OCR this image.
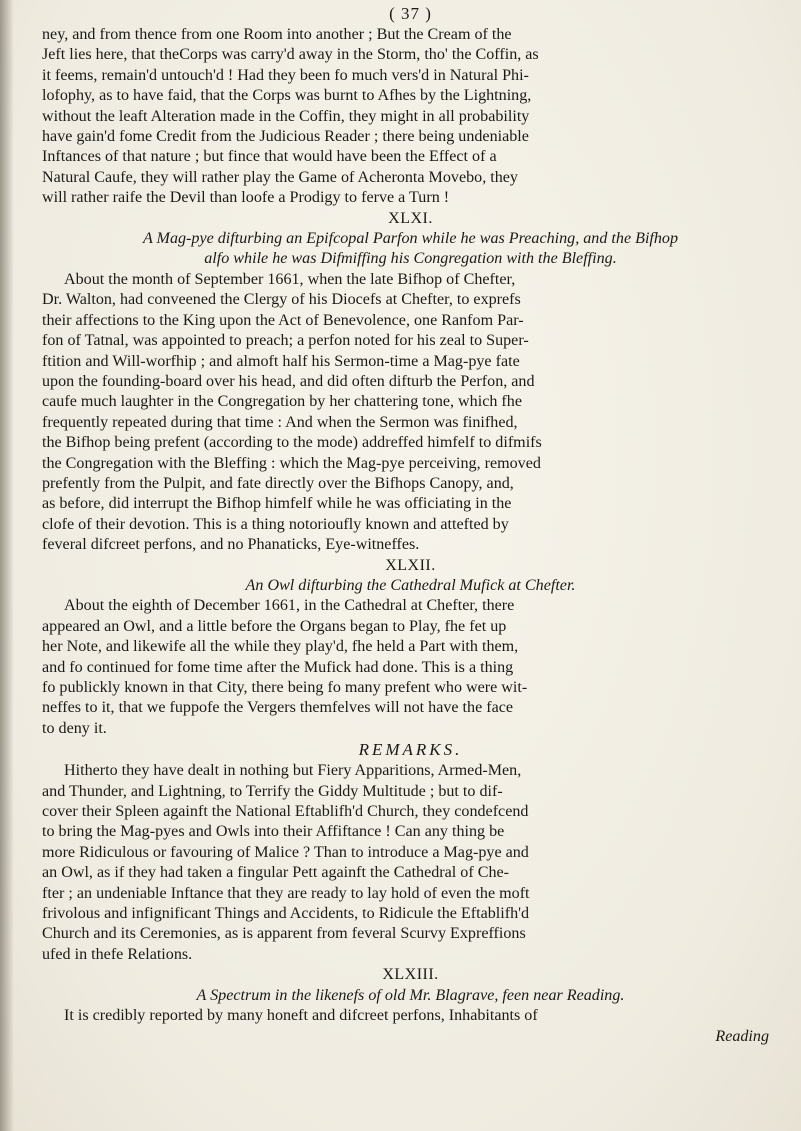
( 37 )
ney, and from thence from one Room into another ; But the Cream of the
Jeft lies here, that theCorps was carry'd away in the Storm, tho' the Coffin, as
it feems, remain'd untouch'd ! Had they been fo much vers'd in Natural Phi-
lofophy, as to have faid, that the Corps was burnt to Afhes by the Lightning,
without the leaft Alteration made in the Coffin, they might in all probability
have gain'd fome Credit from the Judicious Reader ; there being undeniable
Inftances of that nature ; but fince that would have been the Effect of a
Natural Caufe, they will rather play the Game of Acheronta Movebo, they
will rather raife the Devil than loofe a Prodigy to ferve a Turn !
XLXI.
A Mag-pye difturbing an Epifcopal Parfon while he was Preaching, and the Bifhop
alfo while he was Difmiffing his Congregation with the Bleffing.
About the month of September 1661, when the late Bifhop of Chefter,
Dr. Walton, had conveened the Clergy of his Diocefs at Chefter, to exprefs
their affections to the King upon the Act of Benevolence, one Ranfom Par-
fon of Tatnal, was appointed to preach; a perfon noted for his zeal to Super-
ftition and Will-worfhip ; and almoft half his Sermon-time a Mag-pye fate
upon the founding-board over his head, and did often difturb the Perfon, and
caufe much laughter in the Congregation by her chattering tone, which fhe
frequently repeated during that time : And when the Sermon was finifhed,
the Bifhop being prefent (according to the mode) addreffed himfelf to difmifs
the Congregation with the Bleffing : which the Mag-pye perceiving, removed
prefently from the Pulpit, and fate directly over the Bifhops Canopy, and,
as before, did interrupt the Bifhop himfelf while he was officiating in the
clofe of their devotion. This is a thing notorioufly known and attefted by
feveral difcreet perfons, and no Phanaticks, Eye-witneffes.
XLXII.
An Owl difturbing the Cathedral Mufick at Chefter.
About the eighth of December 1661, in the Cathedral at Chefter, there
appeared an Owl, and a little before the Organs began to Play, fhe fet up
her Note, and likewife all the while they play'd, fhe held a Part with them,
and fo continued for fome time after the Mufick had done. This is a thing
fo publickly known in that City, there being fo many prefent who were wit-
neffes to it, that we fuppofe the Vergers themfelves will not have the face
to deny it.
REMARKS.
Hitherto they have dealt in nothing but Fiery Apparitions, Armed-Men,
and Thunder, and Lightning, to Terrify the Giddy Multitude ; but to dif-
cover their Spleen againft the National Eftablifh'd Church, they condefcend
to bring the Mag-pyes and Owls into their Affiftance ! Can any thing be
more Ridiculous or favouring of Malice ? Than to introduce a Mag-pye and
an Owl, as if they had taken a fingular Pett againft the Cathedral of Che-
fter ; an undeniable Inftance that they are ready to lay hold of even the moft
frivolous and infignificant Things and Accidents, to Ridicule the Eftablifh'd
Church and its Ceremonies, as is apparent from feveral Scurvy Expreffions
ufed in thefe Relations.
XLXIII.
A Spectrum in the likenefs of old Mr. Blagrave, feen near Reading.
It is credibly reported by many honeft and difcreet perfons, Inhabitants of
Reading
